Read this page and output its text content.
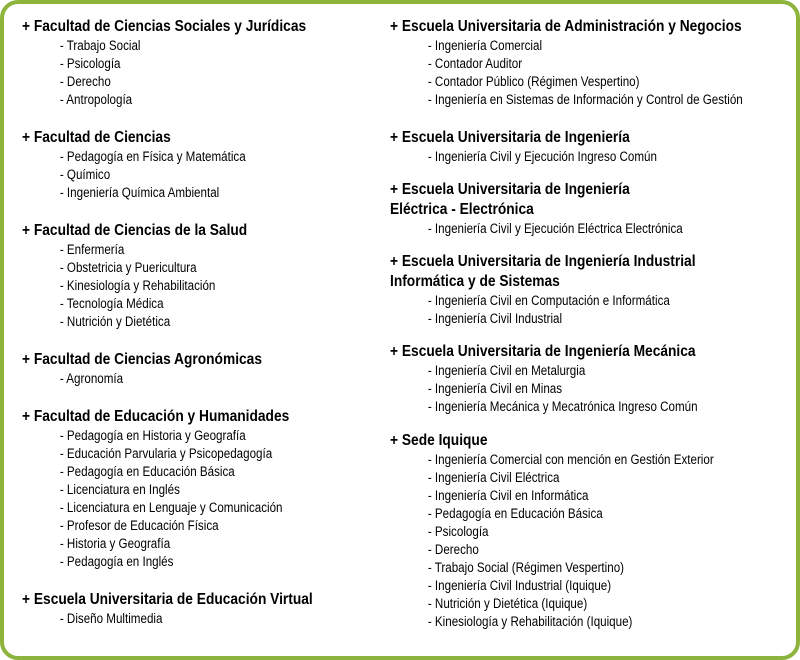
+ Facultad de Ciencias Sociales y Jurídicas
- Trabajo Social
- Psicología
- Derecho
- Antropología
+ Facultad de Ciencias
- Pedagogía en Física y Matemática
- Químico
- Ingeniería Química Ambiental
+ Facultad de Ciencias de la Salud
- Enfermería
- Obstetricia y Puericultura
- Kinesiología y Rehabilitación
- Tecnología Médica
- Nutrición y Dietética
+ Facultad de Ciencias Agronómicas
- Agronomía
+ Facultad de Educación y Humanidades
- Pedagogía en Historia y Geografía
- Educación Parvularia y Psicopedagogía
- Pedagogía en Educación Básica
- Licenciatura en Inglés
- Licenciatura en Lenguaje y Comunicación
- Profesor de Educación Física
- Historia y Geografía
- Pedagogía en Inglés
+ Escuela Universitaria de Educación Virtual
- Diseño Multimedia
+ Escuela Universitaria de Administración y Negocios
- Ingeniería Comercial
- Contador Auditor
- Contador Público (Régimen Vespertino)
- Ingeniería en Sistemas de Información y Control de Gestión
+ Escuela Universitaria de Ingeniería
- Ingeniería Civil y Ejecución Ingreso Común
+ Escuela Universitaria de Ingeniería
Eléctrica - Electrónica
- Ingeniería Civil y Ejecución Eléctrica Electrónica
+ Escuela Universitaria de Ingeniería Industrial
Informática y de Sistemas
- Ingeniería Civil en Computación e Informática
- Ingeniería Civil Industrial
+ Escuela Universitaria de Ingeniería Mecánica
- Ingeniería Civil en Metalurgia
- Ingeniería Civil en Minas
- Ingeniería Mecánica y Mecatrónica Ingreso Común
+ Sede Iquique
- Ingeniería Comercial con mención en Gestión Exterior
- Ingeniería Civil Eléctrica
- Ingeniería Civil en Informática
- Pedagogía en Educación Básica
- Psicología
- Derecho
- Trabajo Social (Régimen Vespertino)
- Ingeniería Civil Industrial (Iquique)
- Nutrición y Dietética (Iquique)
- Kinesiología y Rehabilitación (Iquique)
